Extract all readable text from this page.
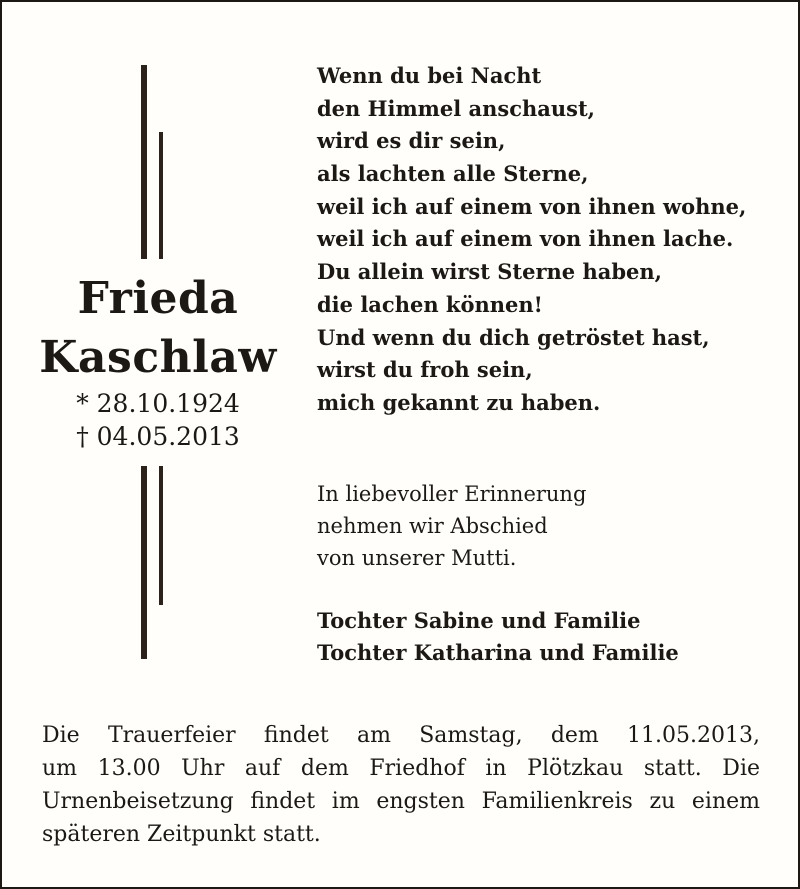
Frieda
Kaschlaw
* 28.10.1924
† 04.05.2013
Wenn du bei Nacht
den Himmel anschaust,
wird es dir sein,
als lachten alle Sterne,
weil ich auf einem von ihnen wohne,
weil ich auf einem von ihnen lache.
Du allein wirst Sterne haben,
die lachen können!
Und wenn du dich getröstet hast,
wirst du froh sein,
mich gekannt zu haben.
In liebevoller Erinnerung
nehmen wir Abschied
von unserer Mutti.
Tochter Sabine und Familie
Tochter Katharina und Familie
Die Trauerfeier findet am Samstag, dem 11.05.2013,
um 13.00 Uhr auf dem Friedhof in Plötzkau statt. Die
Urnenbeisetzung findet im engsten Familienkreis zu einem
späteren Zeitpunkt statt.
